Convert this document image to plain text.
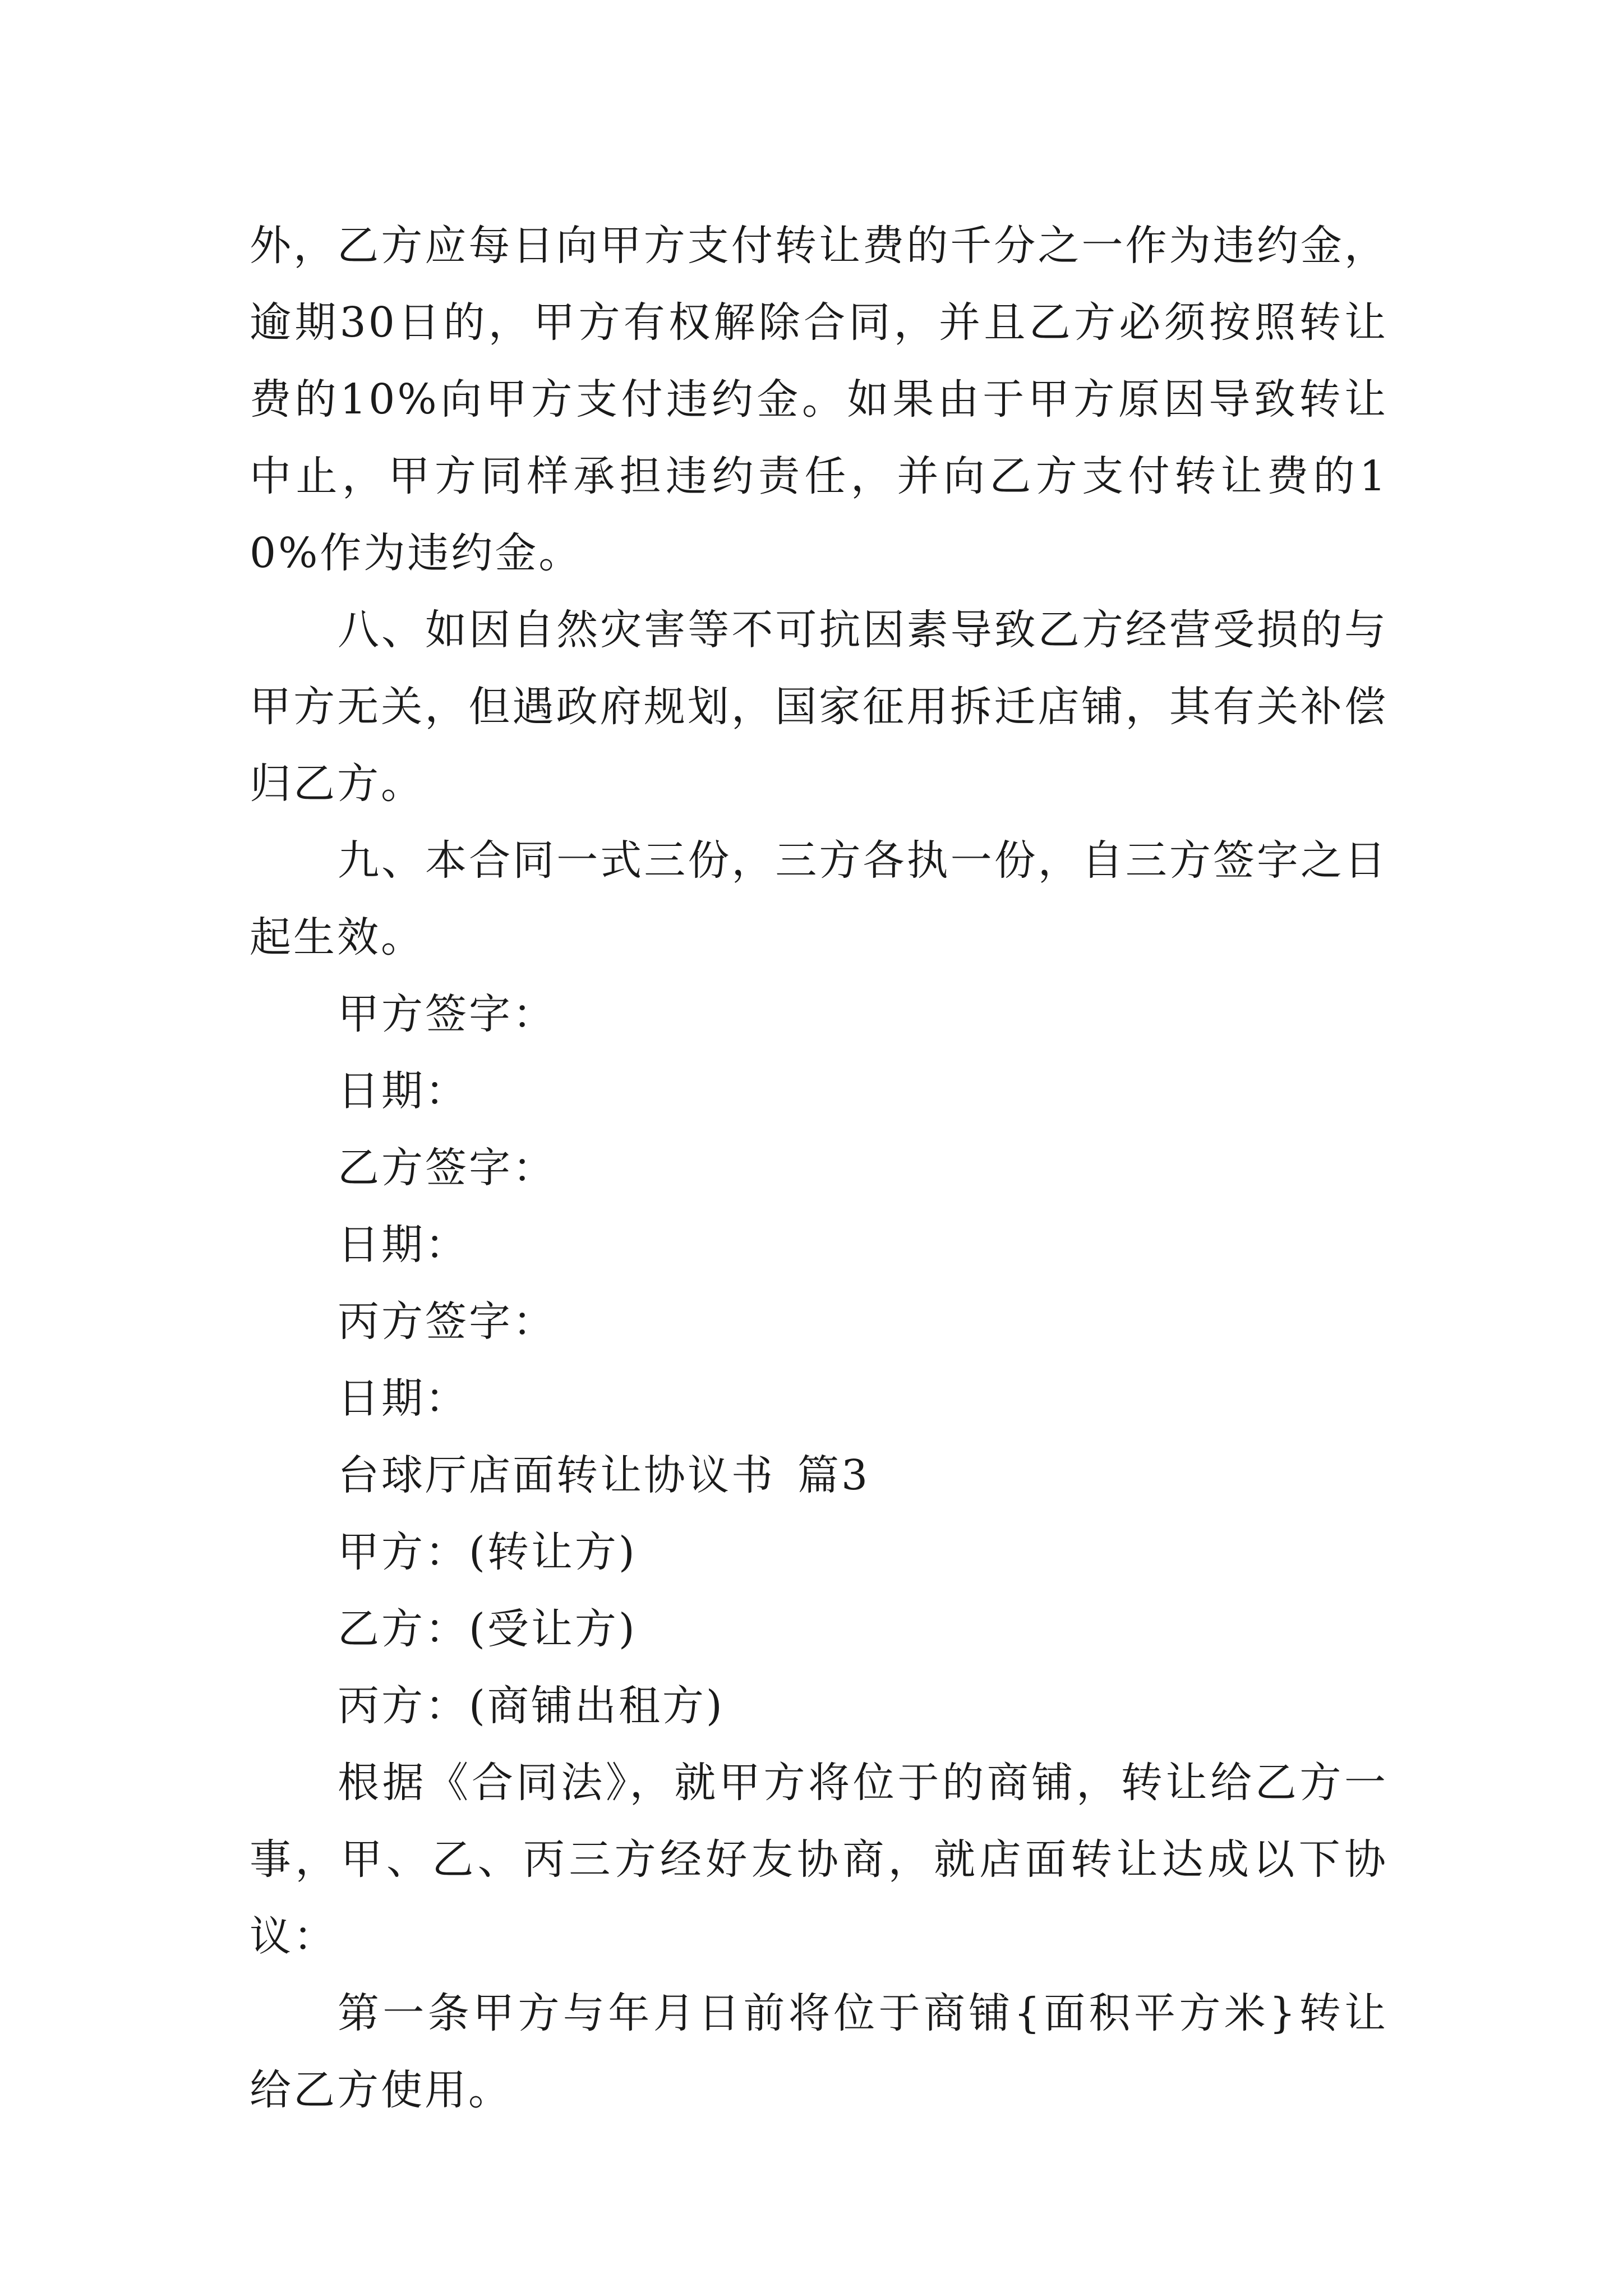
外，乙方应每日向甲方支付转让费的千分之一作为违约金，逾期30日的，甲方有权解除合同，并且乙方必须按照转让费的10%向甲方支付违约金。如果由于甲方原因导致转让中止，甲方同样承担违约责任，并向乙方支付转让费的10%作为违约金。

八、如因自然灾害等不可抗因素导致乙方经营受损的与甲方无关，但遇政府规划，国家征用拆迁店铺，其有关补偿归乙方。

九、本合同一式三份，三方各执一份，自三方签字之日起生效。

甲方签字：

日期：

乙方签字：

日期：

丙方签字：

日期：

台球厅店面转让协议书 篇3

甲方：(转让方)

乙方：(受让方)

丙方：(商铺出租方)

根据《合同法》，就甲方将位于的商铺，转让给乙方一事，甲、乙、丙三方经好友协商，就店面转让达成以下协议：

第一条甲方与年月日前将位于商铺{面积平方米}转让给乙方使用。
